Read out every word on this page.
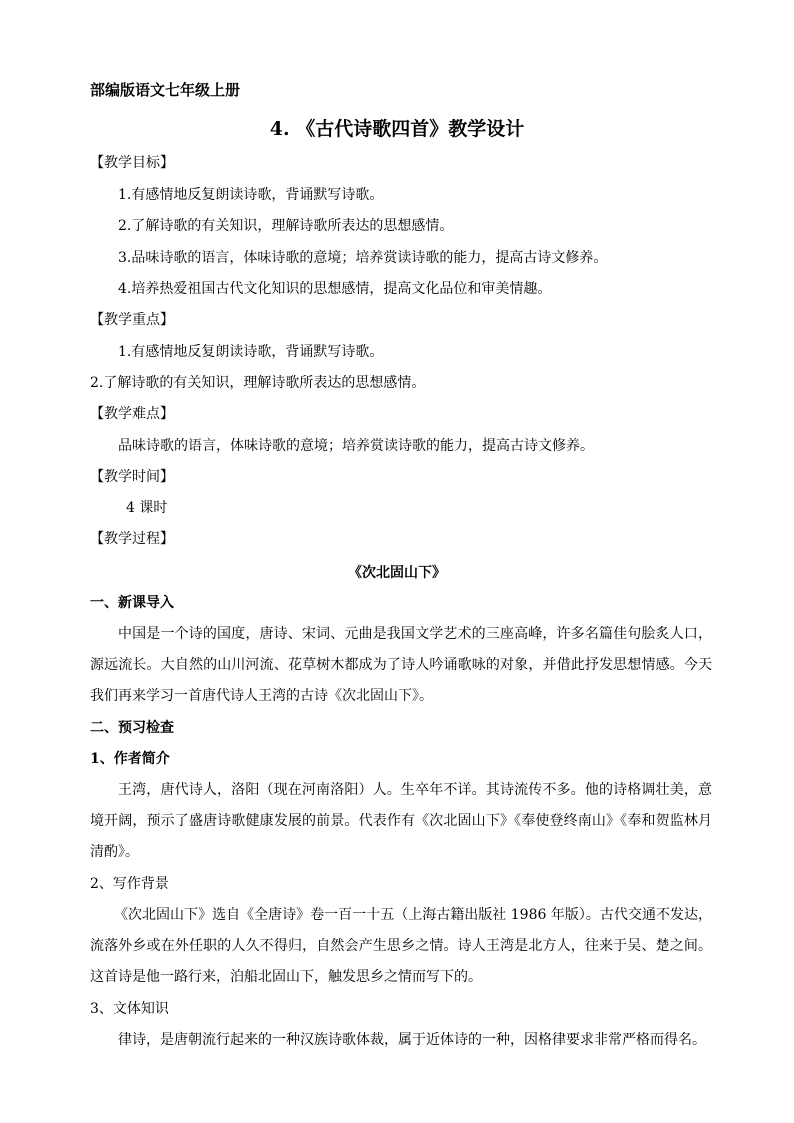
部编版语文七年级上册
4. 《古代诗歌四首》教学设计
【教学目标】
1.有感情地反复朗读诗歌，背诵默写诗歌。
2.了解诗歌的有关知识，理解诗歌所表达的思想感情。
3.品味诗歌的语言，体味诗歌的意境；培养赏读诗歌的能力，提高古诗文修养。
4.培养热爱祖国古代文化知识的思想感情，提高文化品位和审美情趣。
【教学重点】
1.有感情地反复朗读诗歌，背诵默写诗歌。
2.了解诗歌的有关知识，理解诗歌所表达的思想感情。
【教学难点】
品味诗歌的语言，体味诗歌的意境；培养赏读诗歌的能力，提高古诗文修养。
【教学时间】
4 课时
【教学过程】
《次北固山下》
一、新课导入
中国是一个诗的国度，唐诗、宋词、元曲是我国文学艺术的三座高峰，许多名篇佳句脍炙人口，源远流长。大自然的山川河流、花草树木都成为了诗人吟诵歌咏的对象，并借此抒发思想情感。今天我们再来学习一首唐代诗人王湾的古诗《次北固山下》。
二、预习检查
1、作者简介
王湾，唐代诗人，洛阳（现在河南洛阳）人。生卒年不详。其诗流传不多。他的诗格调壮美，意境开阔，预示了盛唐诗歌健康发展的前景。代表作有《次北固山下》《奉使登终南山》《奉和贺监林月清酌》。
2、写作背景
《次北固山下》选自《全唐诗》卷一百一十五（上海古籍出版社 1986 年版）。古代交通不发达，流落外乡或在外任职的人久不得归，自然会产生思乡之情。诗人王湾是北方人，往来于吴、楚之间。这首诗是他一路行来，泊船北固山下，触发思乡之情而写下的。
3、文体知识
律诗，是唐朝流行起来的一种汉族诗歌体裁，属于近体诗的一种，因格律要求非常严格而得名。
